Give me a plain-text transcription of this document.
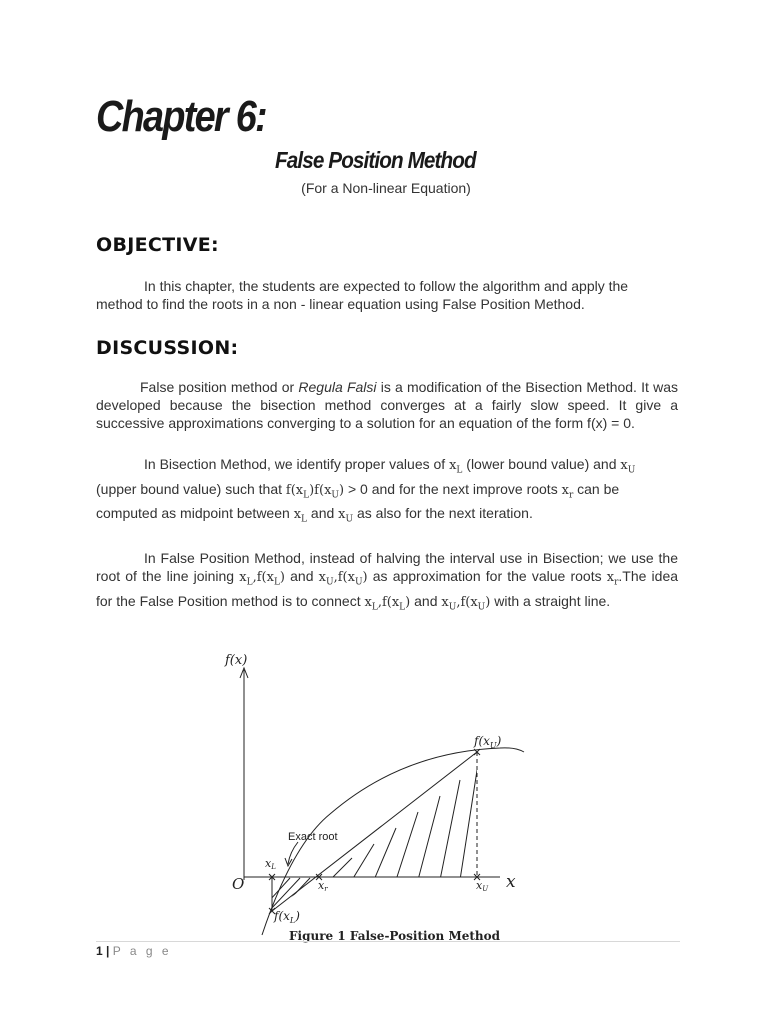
Chapter 6:
False Position Method

(For a Non-linear Equation)

OBJECTIVE:

In this chapter, the students are expected to follow the algorithm and apply the method to find the roots in a non - linear equation using False Position Method.

DISCUSSION:

False position method or Regula Falsi is a modification of the Bisection Method. It was developed because the bisection method converges at a fairly slow speed. It give a successive approximations converging to a solution for an equation of the form f(x) = 0.

In Bisection Method, we identify proper values of $x_L$ (lower bound value) and $x_U$ (upper bound value) such that $f(x_L)f(x_U) > 0$ and for the next improve roots $x_r$ can be computed as midpoint between $x_L$ and $x_U$ as also for the next iteration.

In False Position Method, instead of halving the interval use in Bisection; we use the root of the line joining $x_L,f(x_L)$ and $x_U,f(x_U)$ as approximation for the value roots $x_r.The$ idea for the False Position method is to connect $x_L,f(x_L)$ and $x_U,f(x_U)$ with a straight line.

f(x)
x
O
$f(x_U)$
$f(x_L)$
xL
xr	xU
Exact root
Figure 1 False-Position Method
1 | P a g e
